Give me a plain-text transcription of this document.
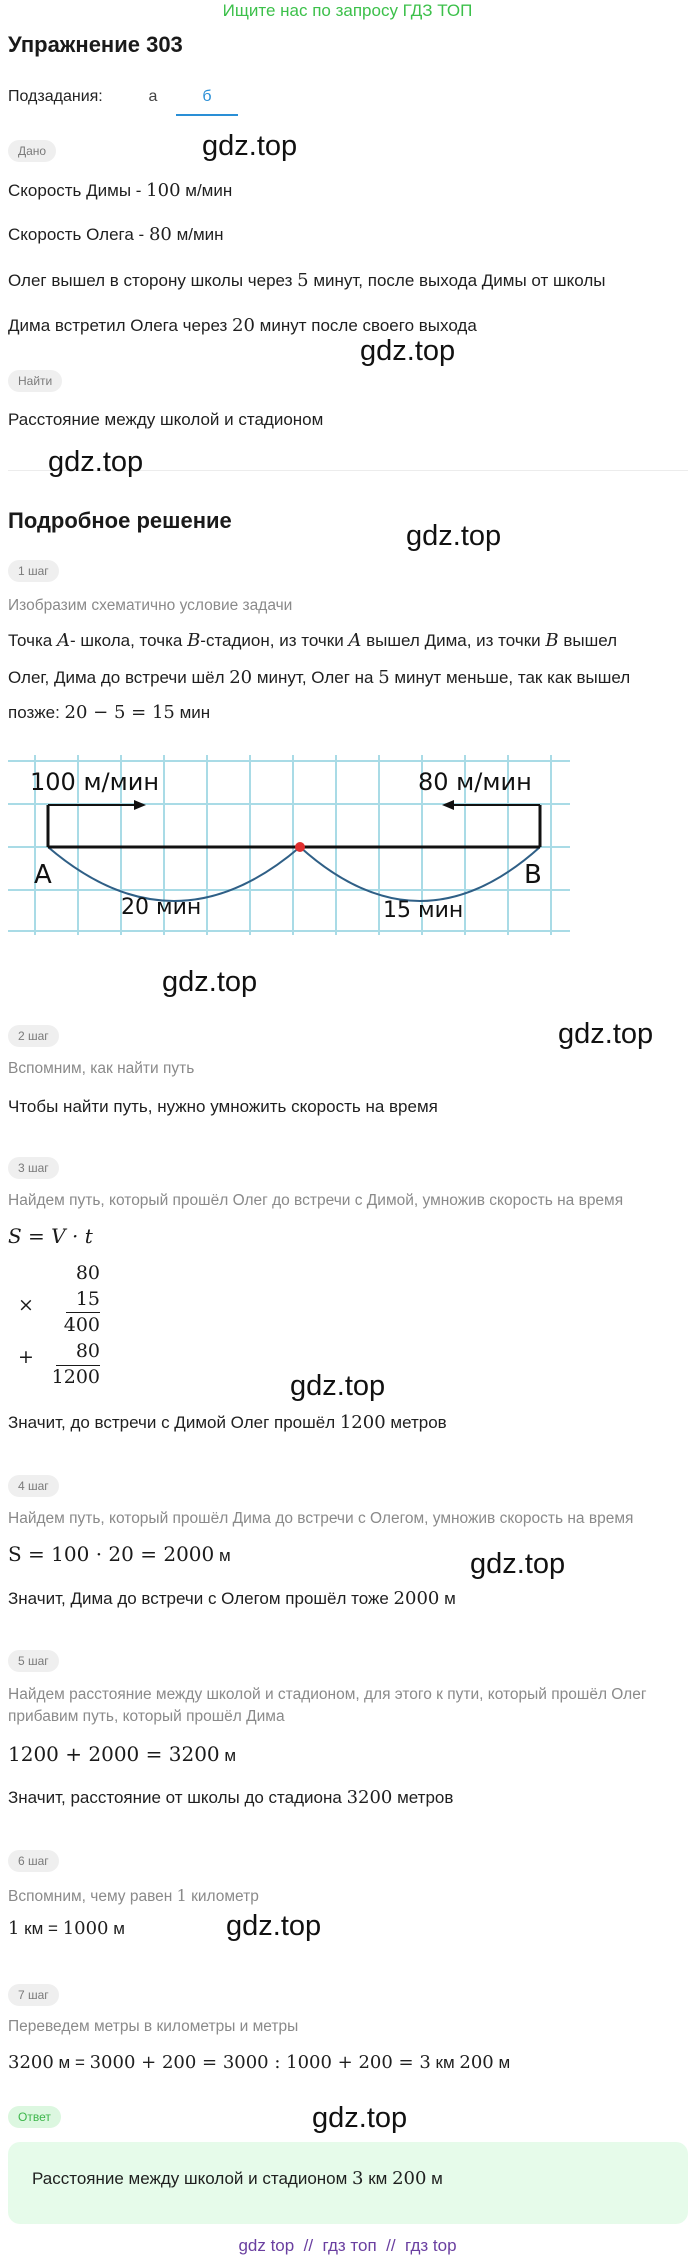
Ищите нас по запросу ГДЗ ТОП
Упражнение 303
Подзадания:	а	б
Дано
Скорость Димы - 100 м/мин
Скорость Олега - 80 м/мин
Олег вышел в сторону школы через 5 минут, после выхода Димы от школы
Дима встретил Олега через 20 минут после своего выхода
Найти
Расстояние между школой и стадионом
Подробное решение
1 шаг
Изобразим схематично условие задачи
Точка A- школа, точка B-стадион, из точки A вышел Дима, из точки B вышел
Олег, Дима до встречи шёл 20 минут, Олег на 5 минут меньше, так как вышел
позже: 20 − 5 = 15 мин
100 м/мин	80 м/мин
A	B
20 мин	15 мин
2 шаг
Вспомним, как найти путь
Чтобы найти путь, нужно умножить скорость на время
3 шаг
Найдем путь, который прошёл Олег до встречи с Димой, умножив скорость на время
S = V · t
80
× 15
400
+ 80
1200
Значит, до встречи с Димой Олег прошёл 1200 метров
4 шаг
Найдем путь, который прошёл Дима до встречи с Олегом, умножив скорость на время
S = 100 · 20 = 2000 м
Значит, Дима до встречи с Олегом прошёл тоже 2000 м
5 шаг
Найдем расстояние между школой и стадионом, для этого к пути, который прошёл Олег
прибавим путь, который прошёл Дима
1200 + 2000 = 3200 м
Значит, расстояние от школы до стадиона 3200 метров
6 шаг
Вспомним, чему равен 1 километр
1 км = 1000 м
7 шаг
Переведем метры в километры и метры
3200 м = 3000 + 200 = 3000 : 1000 + 200 = 3 км 200 м
Ответ
Расстояние между школой и стадионом 3 км 200 м
gdz.top
gdz.top
gdz.top
gdz.top
gdz.top
gdz.top
gdz.top
gdz.top
gdz.top
gdz.top
gdz top  //  гдз топ  //  гдз top
